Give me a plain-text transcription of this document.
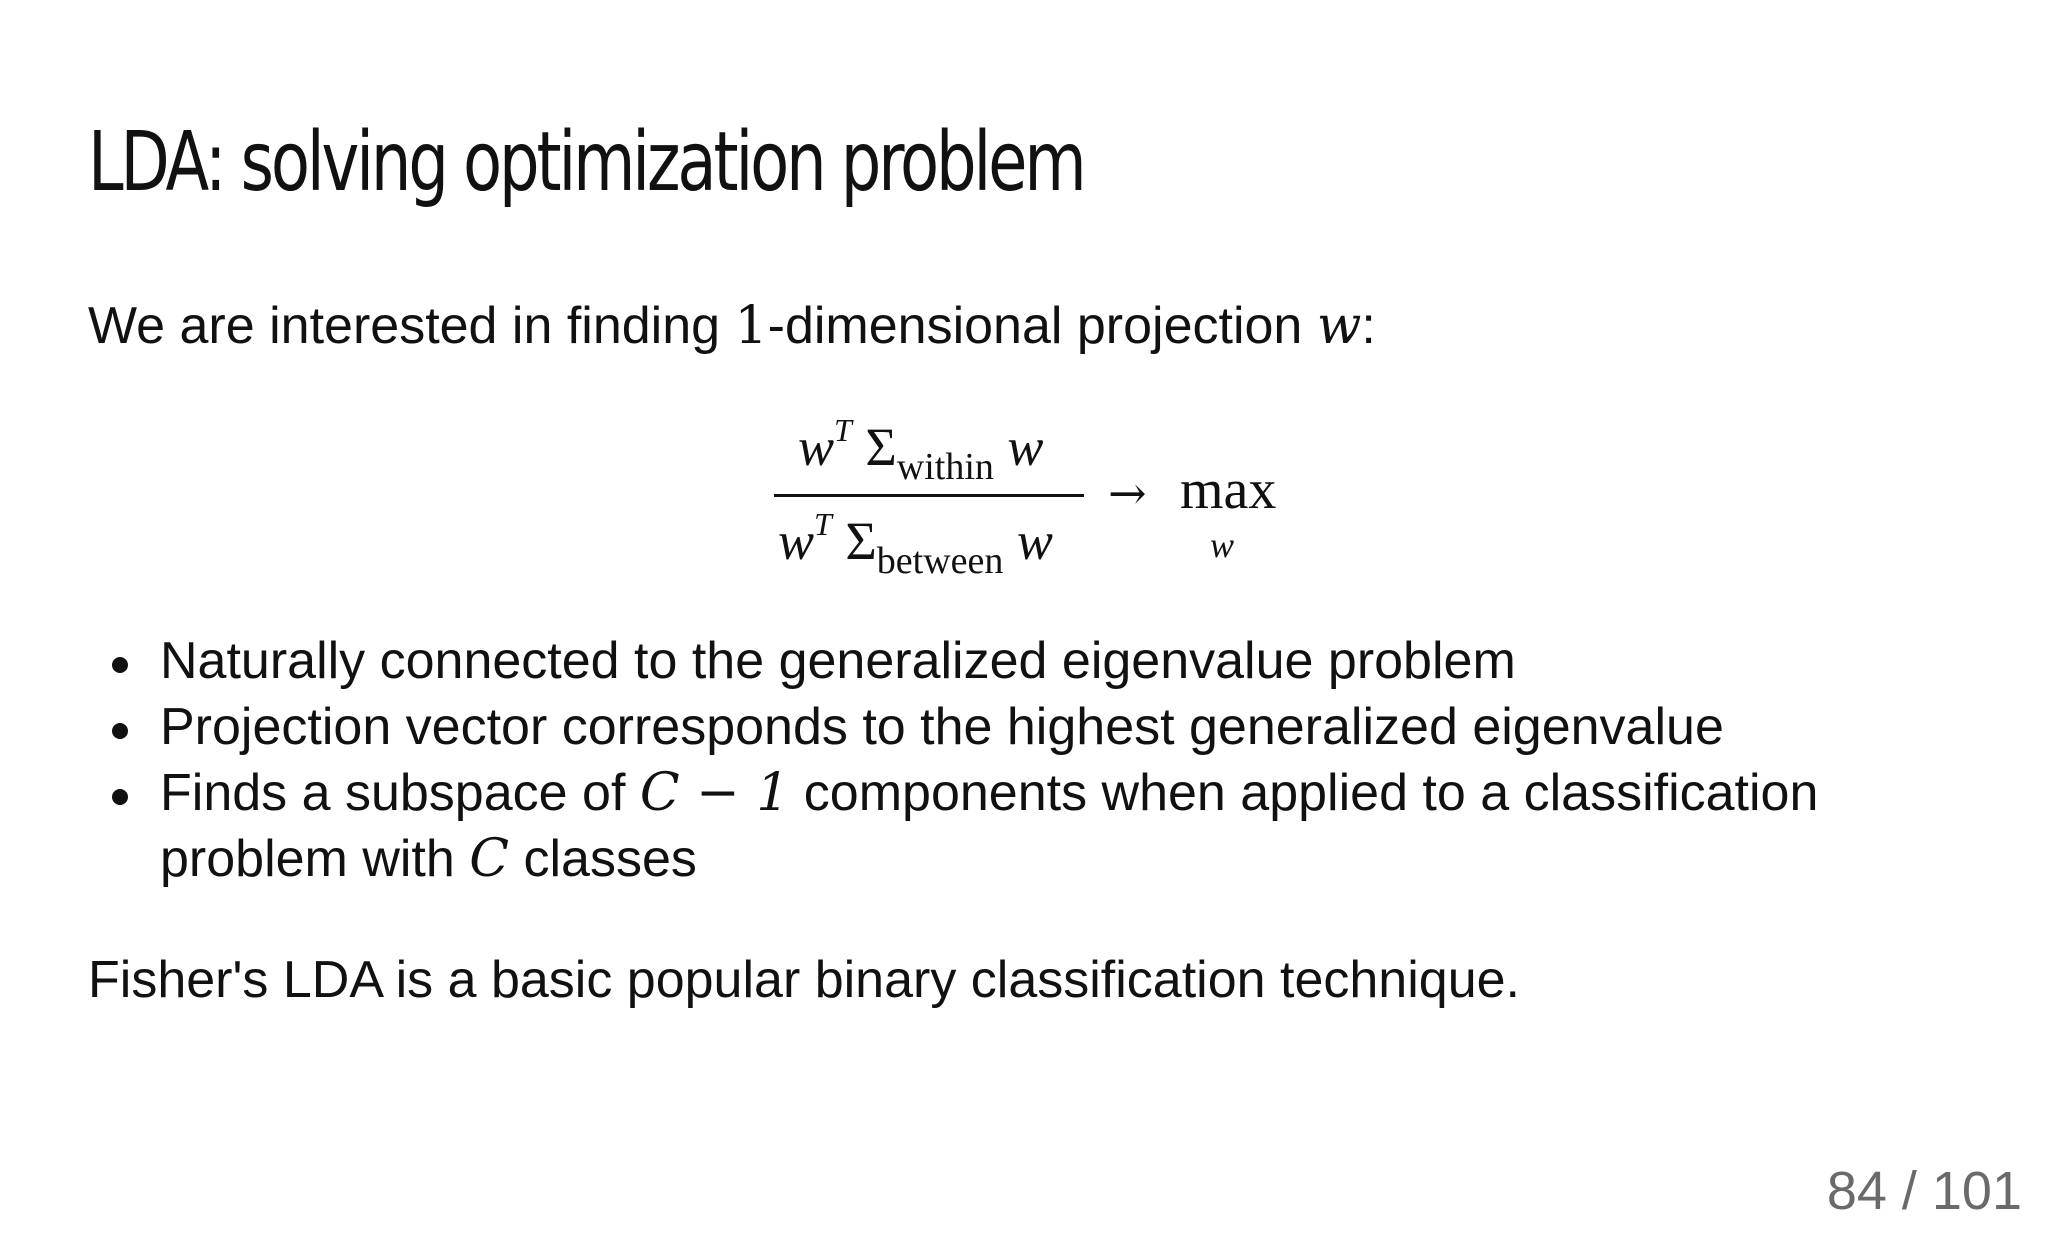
LDA: solving optimization problem
We are interested in finding 1-dimensional projection w:
$w^T$ $\Sigma_{within}$ w
$w^T$ $\Sigma_{between}$ w
→ max
w
Naturally connected to the generalized eigenvalue problem
Projection vector corresponds to the highest generalized eigenvalue
Finds a subspace of C − 1 components when applied to a classification
problem with C classes
Fisher's LDA is a basic popular binary classification technique.
84 / 101
